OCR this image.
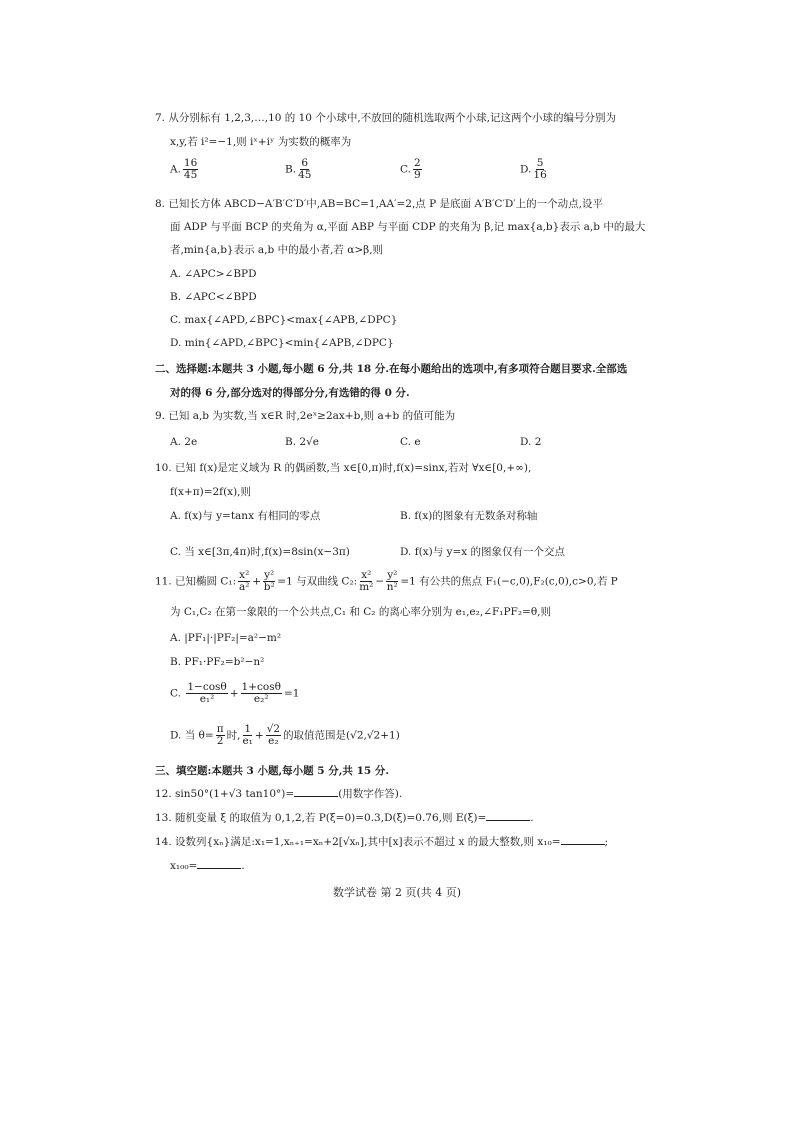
7. 从分别标有 1,2,3,…,10 的 10 个小球中,不放回的随机选取两个小球,记这两个小球的编号分别为
x,y,若 i²=−1,则 iˣ+iʸ 为实数的概率为
A. $\frac{16}{45}$	B. $\frac{6}{45}$	C. $\frac{2}{9}$	D. $\frac{5}{16}$
8. 已知长方体 ABCD−A′B′C′D′中,AB=BC=1,AA′=2,点 P 是底面 A′B′C′D′上的一个动点,设平
面 ADP 与平面 BCP 的夹角为 α,平面 ABP 与平面 CDP 的夹角为 β,记 max{a,b}表示 a,b 中的最大
者,min{a,b}表示 a,b 中的最小者,若 α>β,则
A. ∠APC>∠BPD
B. ∠APC<∠BPD
C. max{∠APD,∠BPC}<max{∠APB,∠DPC}
D. min{∠APD,∠BPC}<min{∠APB,∠DPC}
二、选择题:本题共 3 小题,每小题 6 分,共 18 分.在每小题给出的选项中,有多项符合题目要求.全部选
对的得 6 分,部分选对的得部分分,有选错的得 0 分.
9. 已知 a,b 为实数,当 x∈R 时,2eˣ≥2ax+b,则 a+b 的值可能为
A. 2e	B. 2√e	C. e	D. 2
10. 已知 f(x)是定义域为 R 的偶函数,当 x∈[0,π)时,f(x)=sinx,若对 ∀x∈[0,+∞),
f(x+π)=2f(x),则
A. f(x)与 y=tanx 有相同的零点	B. f(x)的图象有无数条对称轴
C. 当 x∈[3π,4π)时,f(x)=8sin(x−3π)	D. f(x)与 y=x 的图象仅有一个交点
11. 已知椭圆 C₁: $\frac{\text{x²}}{\text{a²}} + \frac{\text{y²}}{\text{b²}} =1$ 与双曲线 C₂: $\frac{\text{x²}}{\text{m²}} - \frac{\text{y²}}{\text{n²}} =1$ 有公共的焦点 F₁(−c,0),F₂(c,0),c>0,若 P
为 C₁,C₂ 在第一象限的一个公共点,C₁ 和 C₂ 的离心率分别为 e₁,e₂,∠F₁PF₂=θ,则
A. |PF₁|·|PF₂|=a²−m²
B. PF₁·PF₂=b²−n²
C. $\frac{1-\cos\theta}{\text{e₁²}} + \frac{1+\cos\theta}{\text{e₂²}} =1$
D. 当 $\theta= \frac{\pi}{2}$ 时, $\frac{1}{\text{e₁}} + \frac{√2}{\text{e₂}}$ 的取值范围是(√2,√2+1)
三、填空题:本题共 3 小题,每小题 5 分,共 15 分.
12. sin50°(1+√3 tan10°)=	(用数字作答).
13. 随机变量 ξ 的取值为 0,1,2,若 P(ξ=0)=0.3,D(ξ)=0.76,则 E(ξ)=	.
14. 设数列{xₙ}满足:x₁=1,xₙ₊₁=xₙ+2[√xₙ],其中[x]表示不超过 x 的最大整数,则 x₁₀=	;
x₁₀₀=	.
数学试卷 第 2 页(共 4 页)
